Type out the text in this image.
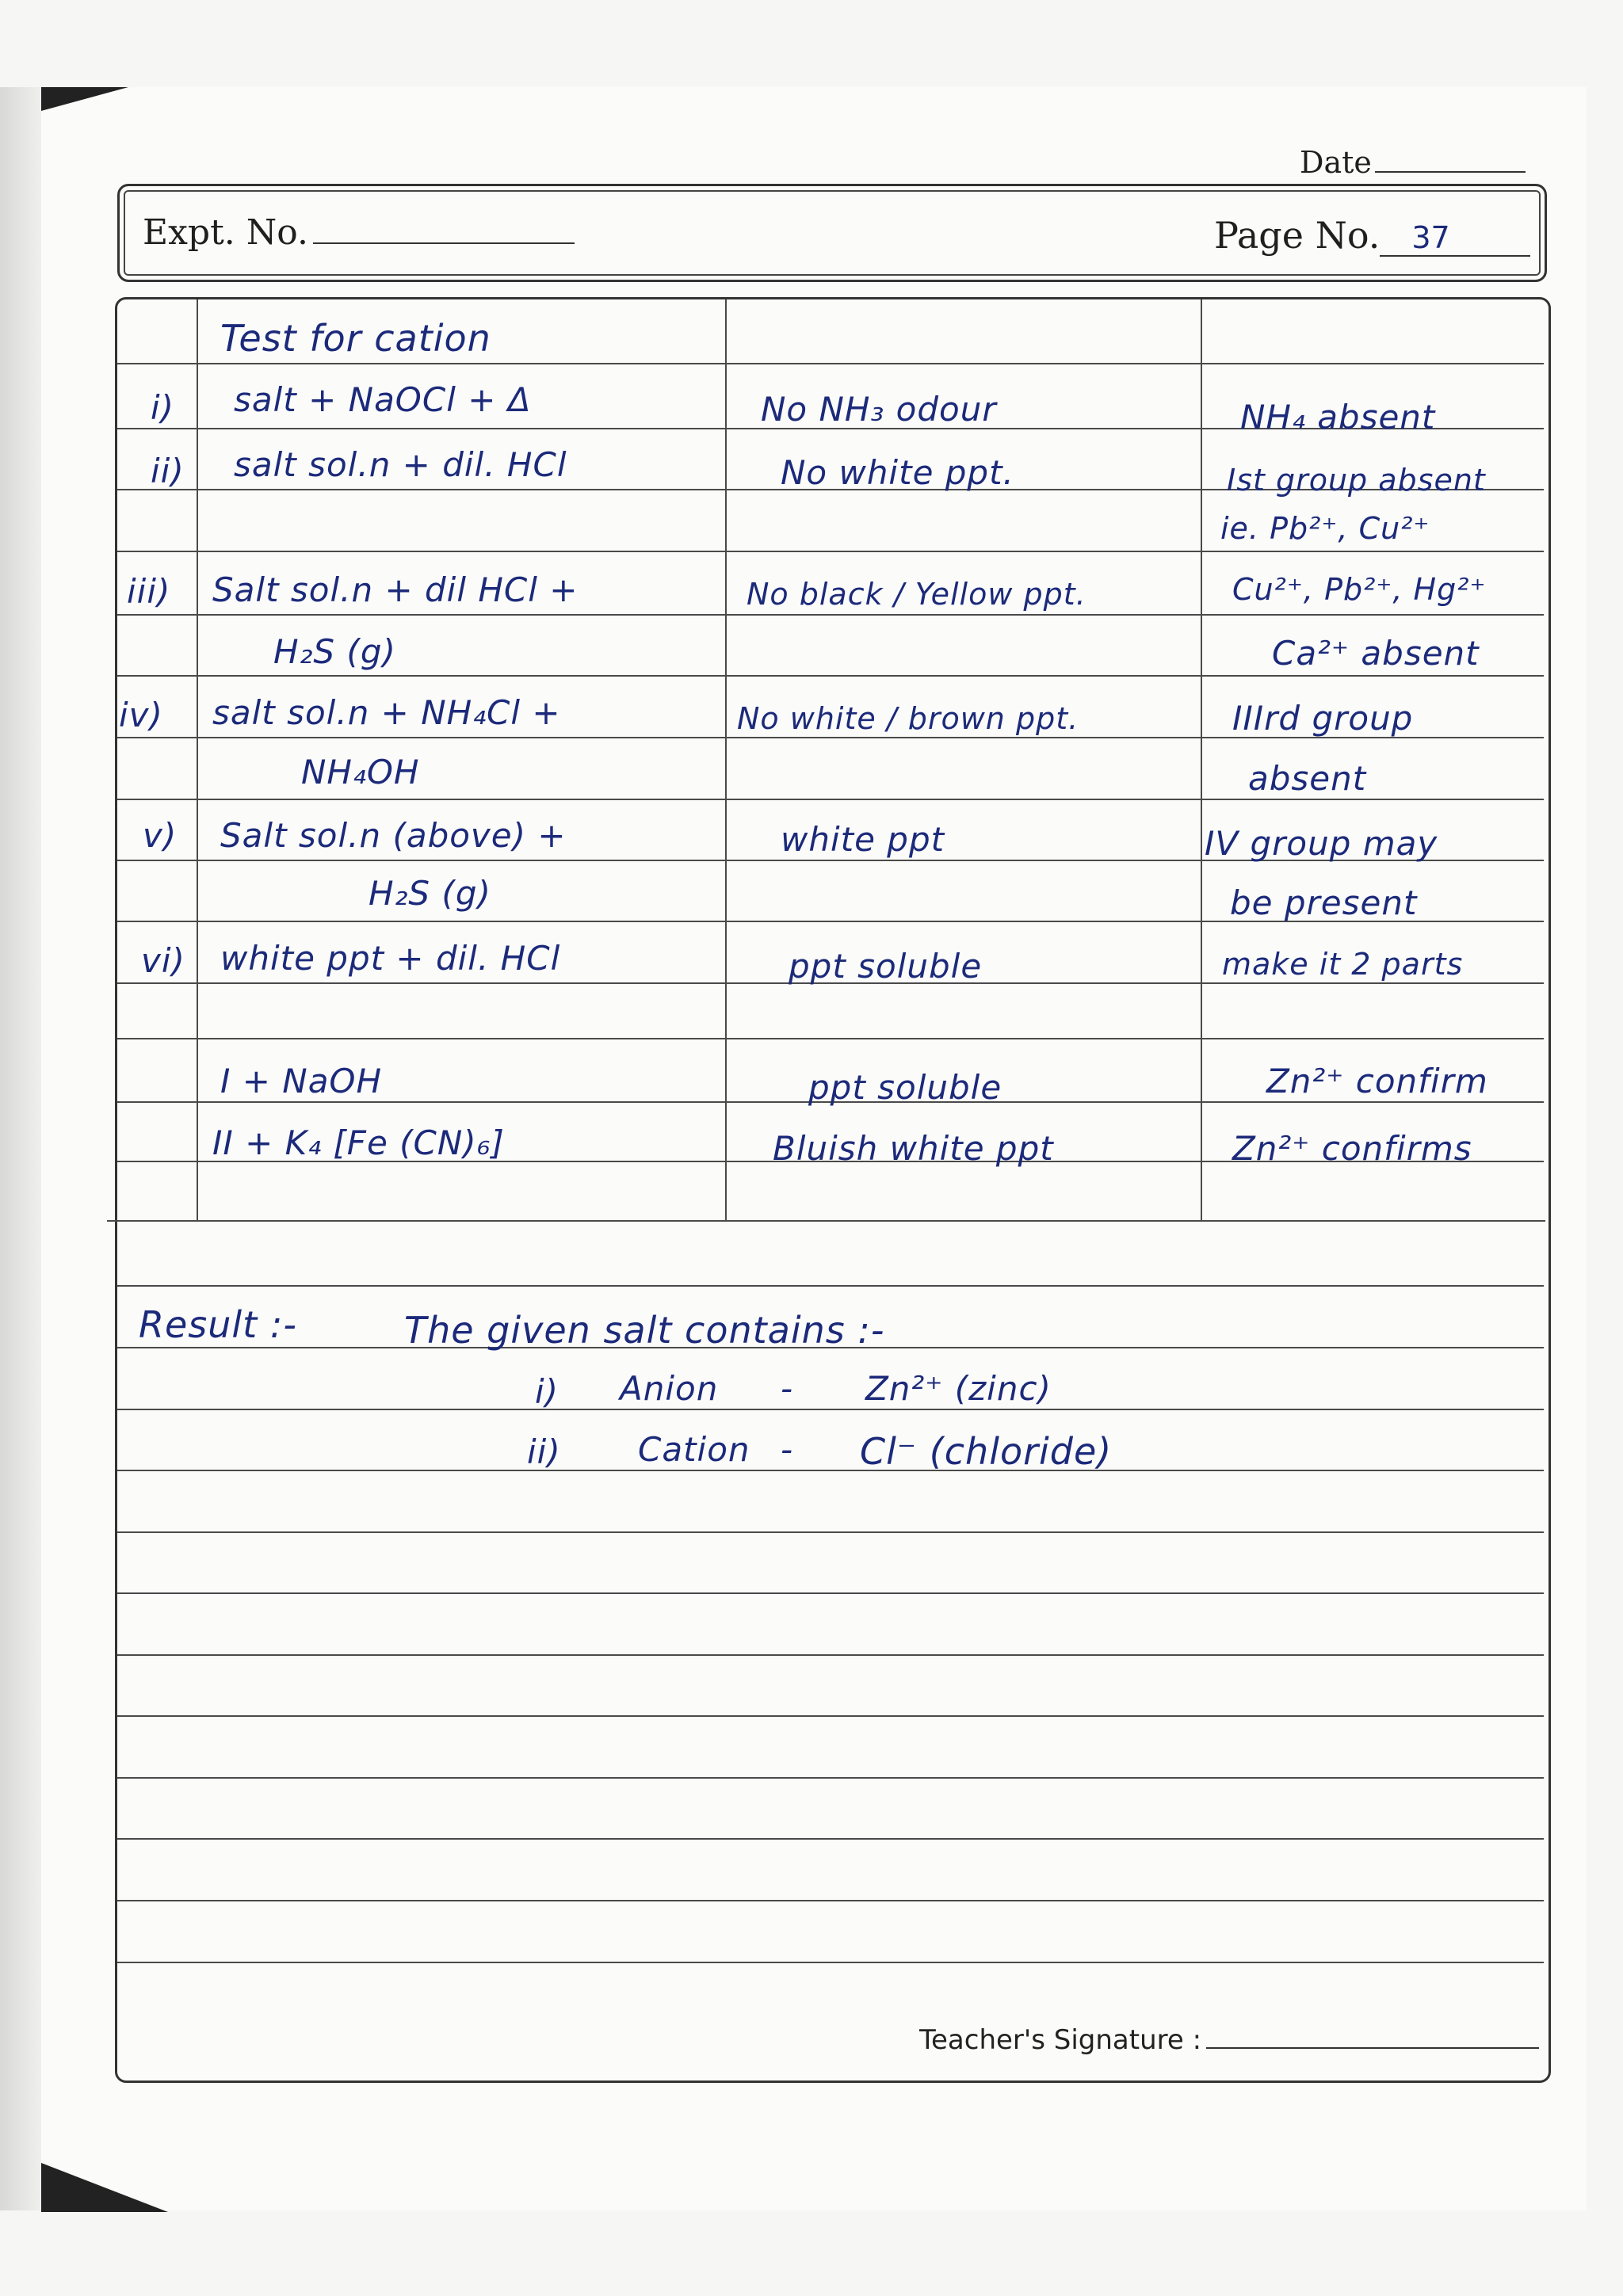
Date
Expt. No.	Page No. 37
Test for cation
i) salt + NaOCl + Δ	No NH₃ odour	NH₄ absent
ii) salt sol.n + dil. HCl	No white ppt.	Ist group absent
ie. Pb²⁺, Cu²⁺
iii) Salt sol.n + dil HCl +	No black / Yellow ppt.	Cu²⁺, Pb²⁺, Hg²⁺
H₂S (g)	Ca²⁺ absent
iv) salt sol.n + NH₄Cl +	No white / brown ppt.	IIIrd group
NH₄OH	absent
v) Salt sol.n (above) +	white ppt	IV group may
H₂S (g)	be present
vi) white ppt + dil. HCl	ppt soluble	make it 2 parts
I + NaOH	ppt soluble	Zn²⁺ confirm
II + K₄ [Fe (CN)₆]	Bluish white ppt	Zn²⁺ confirms
Result :-	The given salt contains :-
i) Anion - Zn²⁺ (zinc)
ii) Cation - Cl⁻ (chloride)
Teacher's Signature :
